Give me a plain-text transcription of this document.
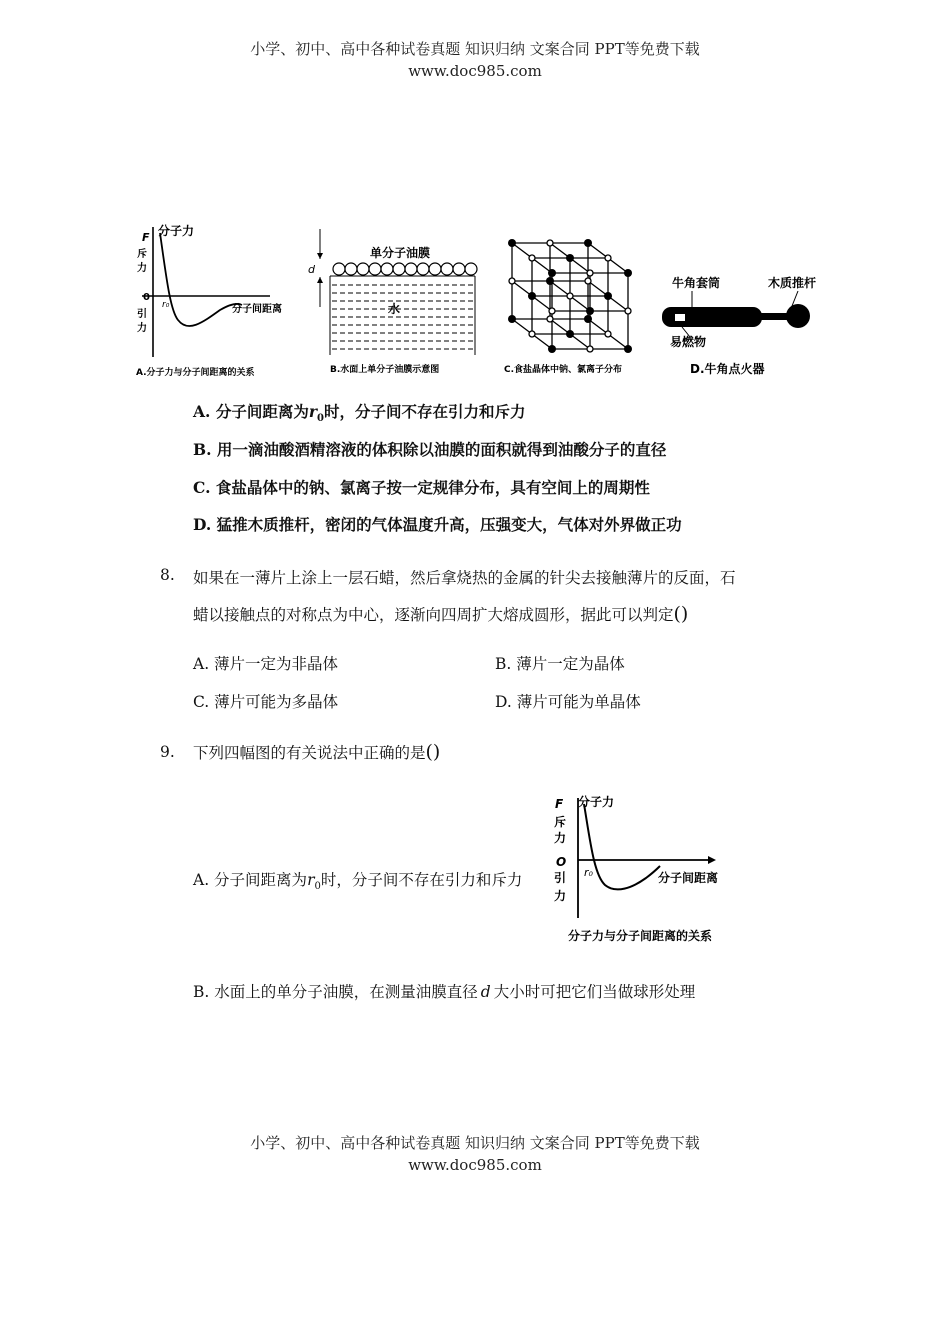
小学、初中、高中各种试卷真题 知识归纳 文案合同 PPT等免费下载
www.doc985.com
分子力
F
斥
力
0
引
力
r₀	分子间距离
A.分子力与分子间距离的关系
d
单分子油膜
水
B.水面上单分子油膜示意图	C.食盐晶体中钠、氯离子分布
牛角套筒	木质推杆
易燃物
D.牛角点火器
A. 分子间距离为$r_0$时，分子间不存在引力和斥力
B. 用一滴油酸酒精溶液的体积除以油膜的面积就得到油酸分子的直径
C. 食盐晶体中的钠、氯离子按一定规律分布，具有空间上的周期性
D. 猛推木质推杆，密闭的气体温度升高，压强变大，气体对外界做正功
8. 如果在一薄片上涂上一层石蜡，然后拿烧热的金属的针尖去接触薄片的反面，石
蜡以接触点的对称点为中心，逐渐向四周扩大熔成圆形，据此可以判定()
A. 薄片一定为非晶体	B. 薄片一定为晶体
C. 薄片可能为多晶体	D. 薄片可能为单晶体
9. 下列四幅图的有关说法中正确的是()
A. 分子间距离为$r_0$时，分子间不存在引力和斥力
F 分子力
斥
力
O
引
力
r₀	分子间距离
分子力与分子间距离的关系
B. 水面上的单分子油膜，在测量油膜直径 d 大小时可把它们当做球形处理
小学、初中、高中各种试卷真题 知识归纳 文案合同 PPT等免费下载
www.doc985.com
